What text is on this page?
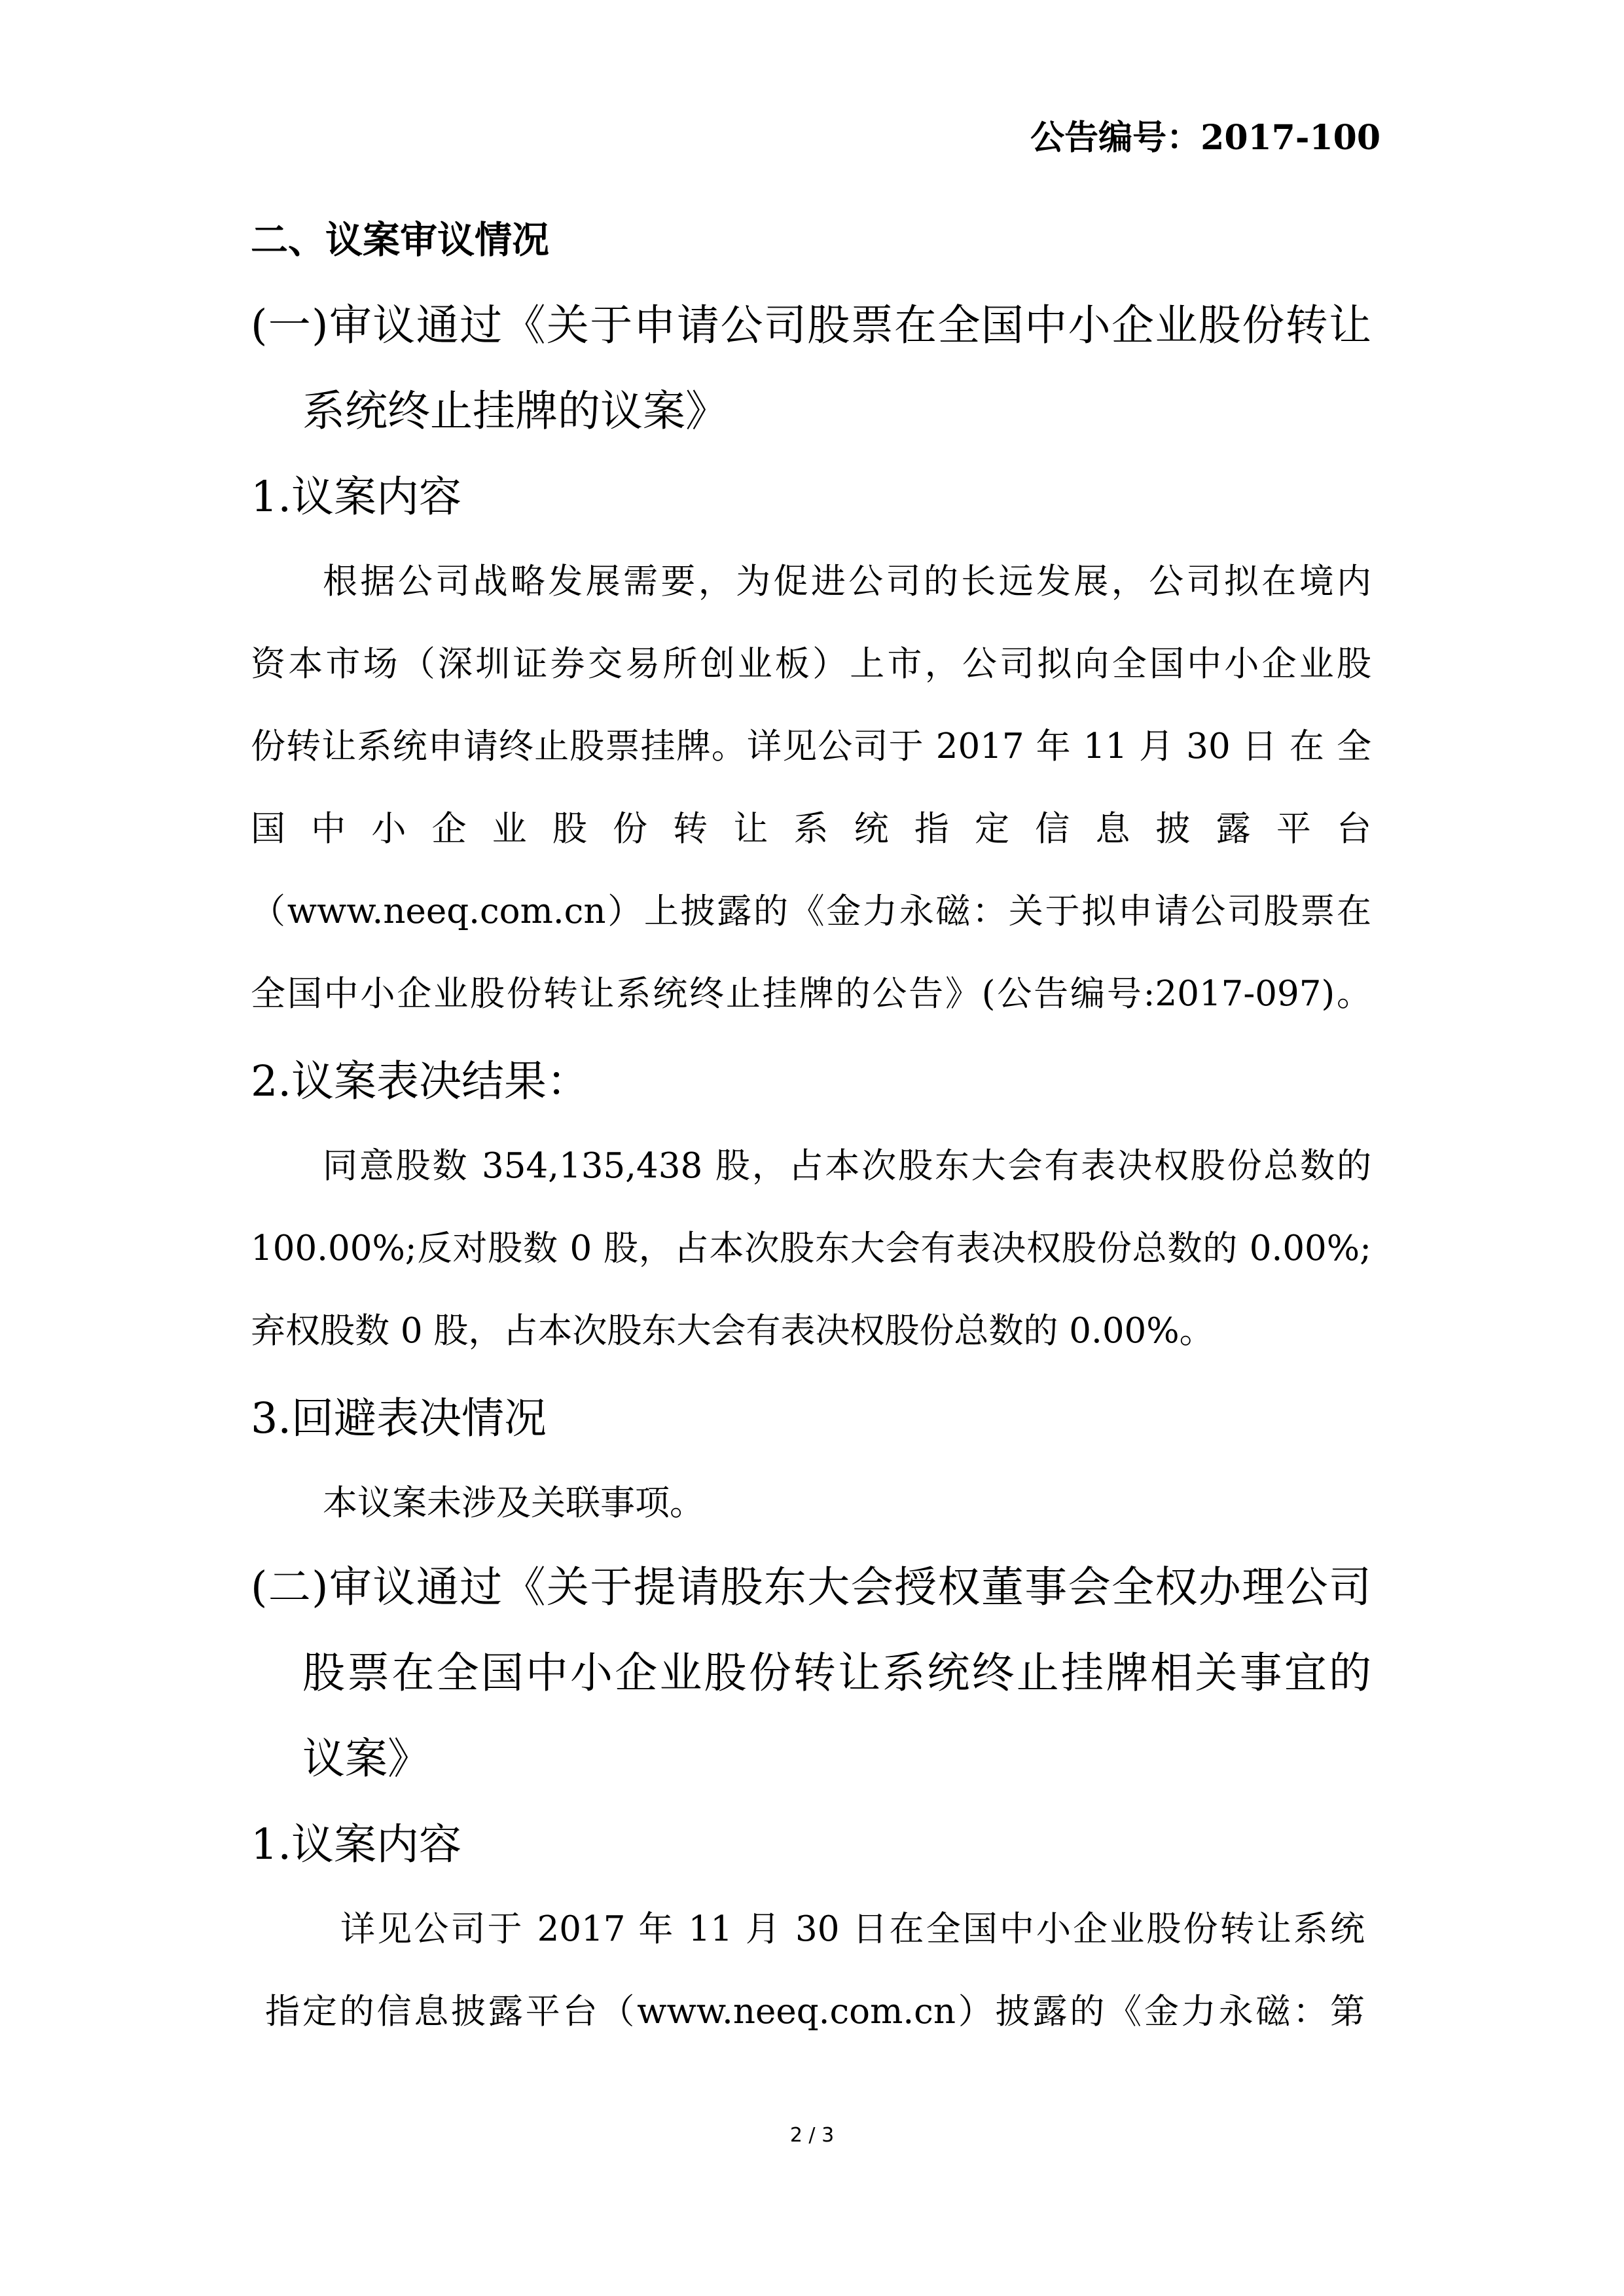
公告编号：2017-100
二、议案审议情况
(一)审议通过《关于申请公司股票在全国中小企业股份转让
系统终止挂牌的议案》
1.议案内容
根据公司战略发展需要，为促进公司的长远发展，公司拟在境内
资本市场（深圳证券交易所创业板）上市，公司拟向全国中小企业股
份转让系统申请终止股票挂牌。详见公司于 2017 年 11 月 30 日 在 全
国 中 小 企 业 股 份 转 让 系 统 指 定 信 息 披 露 平 台
（www.neeq.com.cn）上披露的《金力永磁：关于拟申请公司股票在
全国中小企业股份转让系统终止挂牌的公告》(公告编号:2017-097)。
2.议案表决结果：
同意股数 354,135,438 股，占本次股东大会有表决权股份总数的
100.00%;反对股数 0 股，占本次股东大会有表决权股份总数的 0.00%;
弃权股数 0 股，占本次股东大会有表决权股份总数的 0.00%。
3.回避表决情况
本议案未涉及关联事项。
(二)审议通过《关于提请股东大会授权董事会全权办理公司
股票在全国中小企业股份转让系统终止挂牌相关事宜的
议案》
1.议案内容
详见公司于 2017 年 11 月 30 日在全国中小企业股份转让系统
指定的信息披露平台（www.neeq.com.cn）披露的《金力永磁：第
2 / 3
